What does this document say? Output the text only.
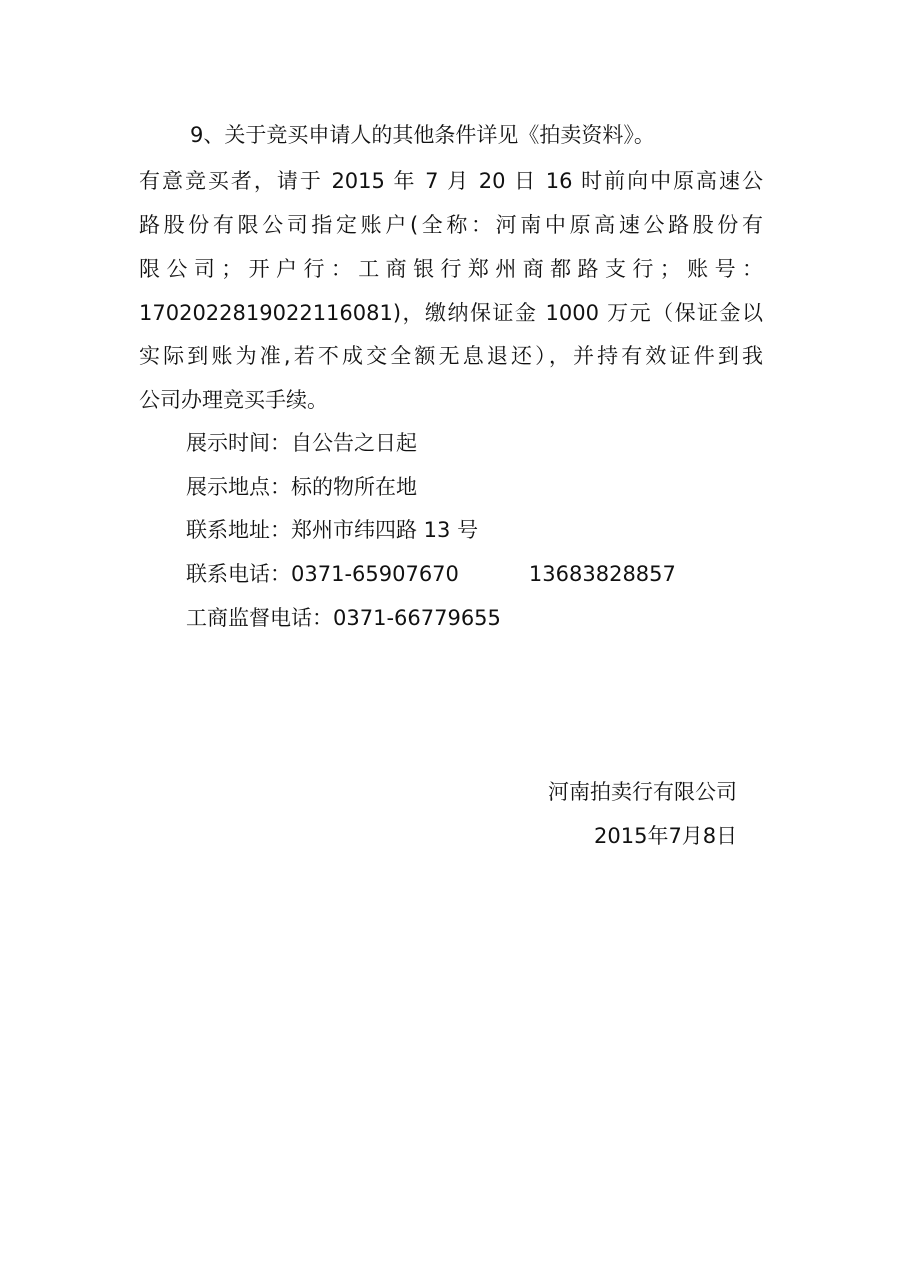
9、关于竞买申请人的其他条件详见《拍卖资料》。
有意竞买者，请于 2015 年 7 月 20 日 16 时前向中原高速公
路股份有限公司指定账户(全称：河南中原高速公路股份有
限公司；开户行：工商银行郑州商都路支行；账号：
1702022819022116081)，缴纳保证金 1000 万元（保证金以
实际到账为准,若不成交全额无息退还），并持有效证件到我
公司办理竞买手续。
展示时间：自公告之日起
展示地点：标的物所在地
联系地址：郑州市纬四路 13 号
联系电话：0371-65907670	13683828857
工商监督电话：0371-66779655
河南拍卖行有限公司
2015年7月8日
